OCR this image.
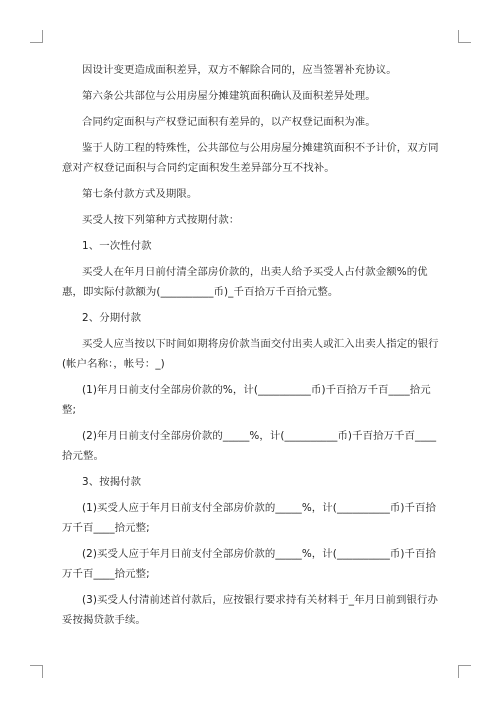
因设计变更造成面积差异，双方不解除合同的，应当签署补充协议。

第六条公共部位与公用房屋分摊建筑面积确认及面积差异处理。

合同约定面积与产权登记面积有差异的，以产权登记面积为准。

鉴于人防工程的特殊性，公共部位与公用房屋分摊建筑面积不予计价，双方同意对产权登记面积与合同约定面积发生差异部分互不找补。

第七条付款方式及期限。

买受人按下列第种方式按期付款：

1、一次性付款

买受人在年月日前付清全部房价款的，出卖人给予买受人占付款金额%的优惠，即实际付款额为(__________币)_千百拾万千百拾元整。

2、分期付款

买受人应当按以下时间如期将房价款当面交付出卖人或汇入出卖人指定的银行(帐户名称：，帐号：_)

(1)年月日前支付全部房价款的%，计(__________币)千百拾万千百____拾元整;

(2)年月日前支付全部房价款的_____%，计(__________币)千百拾万千百____拾元整。

3、按揭付款

(1)买受人应于年月日前支付全部房价款的_____%，计(__________币)千百拾万千百____拾元整;

(2)买受人应于年月日前支付全部房价款的_____%，计(__________币)千百拾万千百____拾元整;

(3)买受人付清前述首付款后，应按银行要求持有关材料于_年月日前到银行办妥按揭贷款手续。
